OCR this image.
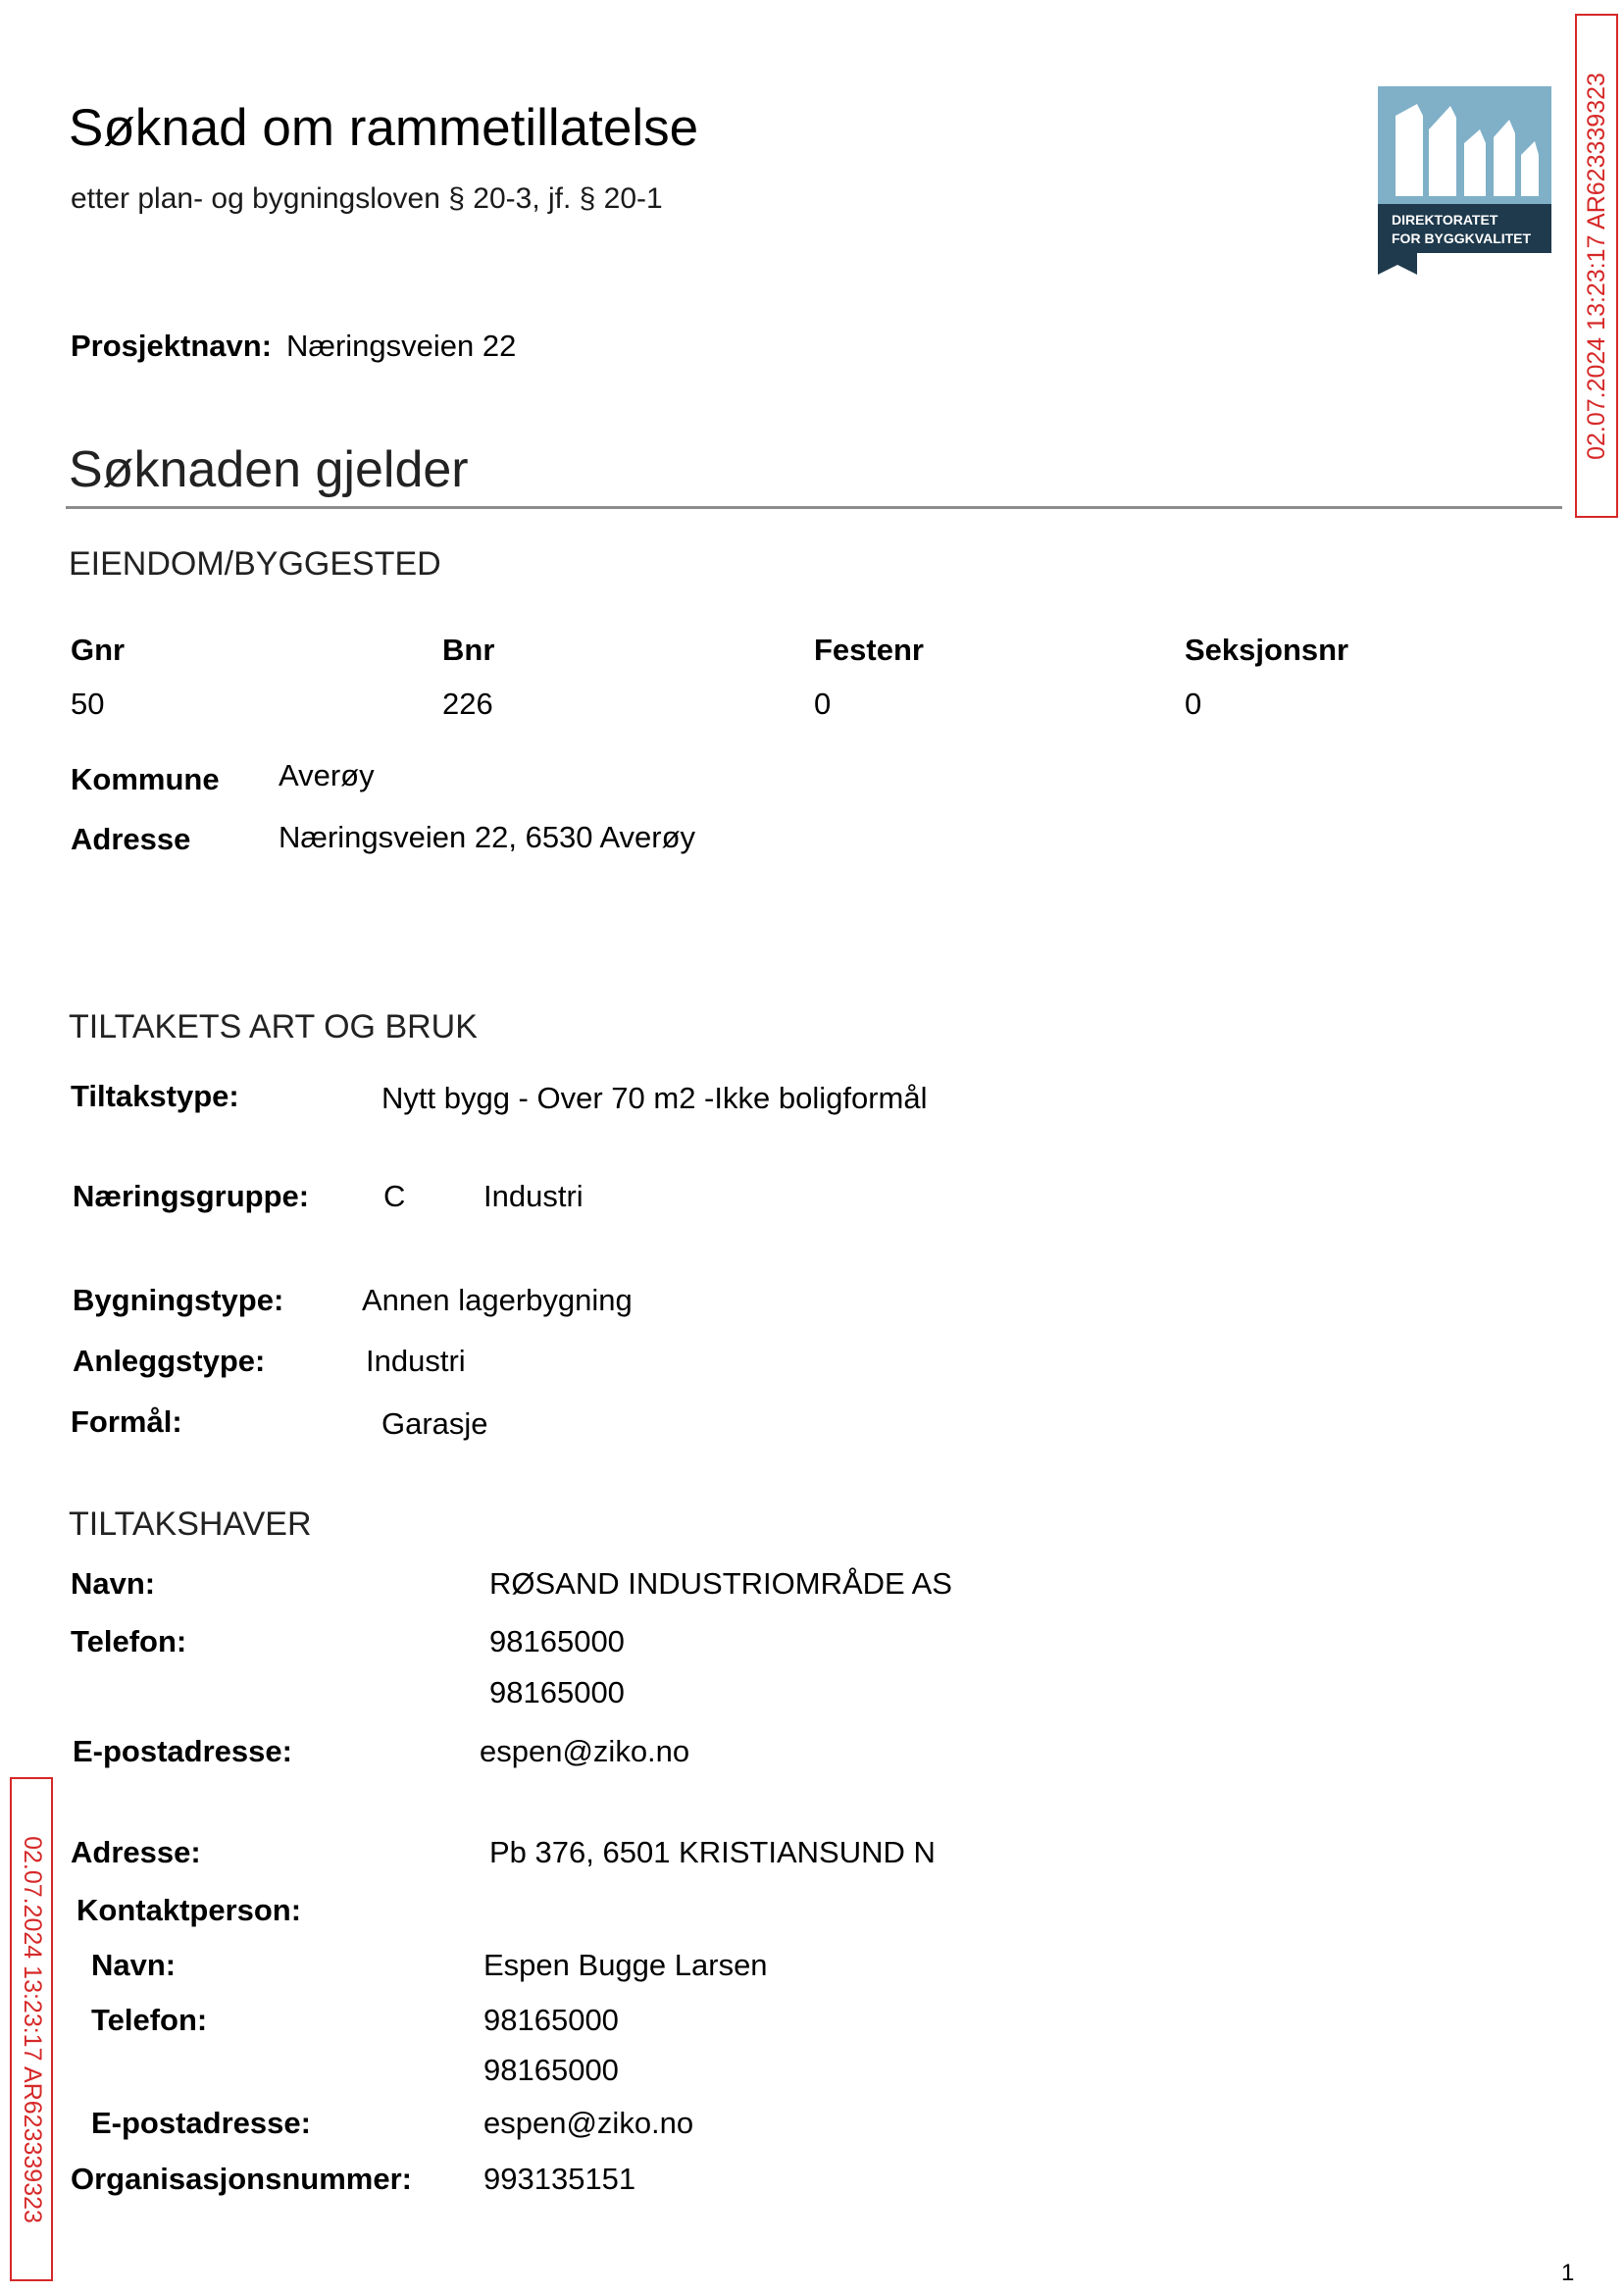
Søknad om rammetillatelse
etter plan- og bygningsloven § 20-3, jf. § 20-1
DIREKTORATET
FOR BYGGKVALITET 02.07.2024 13:23:17 AR623339323
02.07.2024 13:23:17 AR623339323
Prosjektnavn: Næringsveien 22
Søknaden gjelder
EIENDOM/BYGGESTED
Gnr	Bnr	Festenr	Seksjonsnr
50	226	0	0
Kommune Averøy
Adresse	Næringsveien 22, 6530 Averøy
TILTAKETS ART OG BRUK
Tiltakstype:	Nytt bygg - Over 70 m2 -Ikke boligformål
Næringsgruppe: C	Industri
Bygningstype:	Annen lagerbygning
Anleggstype:	Industri
Formål:	Garasje
TILTAKSHAVER
Navn:	RØSAND INDUSTRIOMRÅDE AS
Telefon:	98165000
98165000
E-postadresse:	espen@ziko.no
Adresse:	Pb 376, 6501 KRISTIANSUND N
Kontaktperson:
Navn:	Espen Bugge Larsen
Telefon:	98165000
98165000
E-postadresse:	espen@ziko.no
Organisasjonsnummer: 993135151
1
